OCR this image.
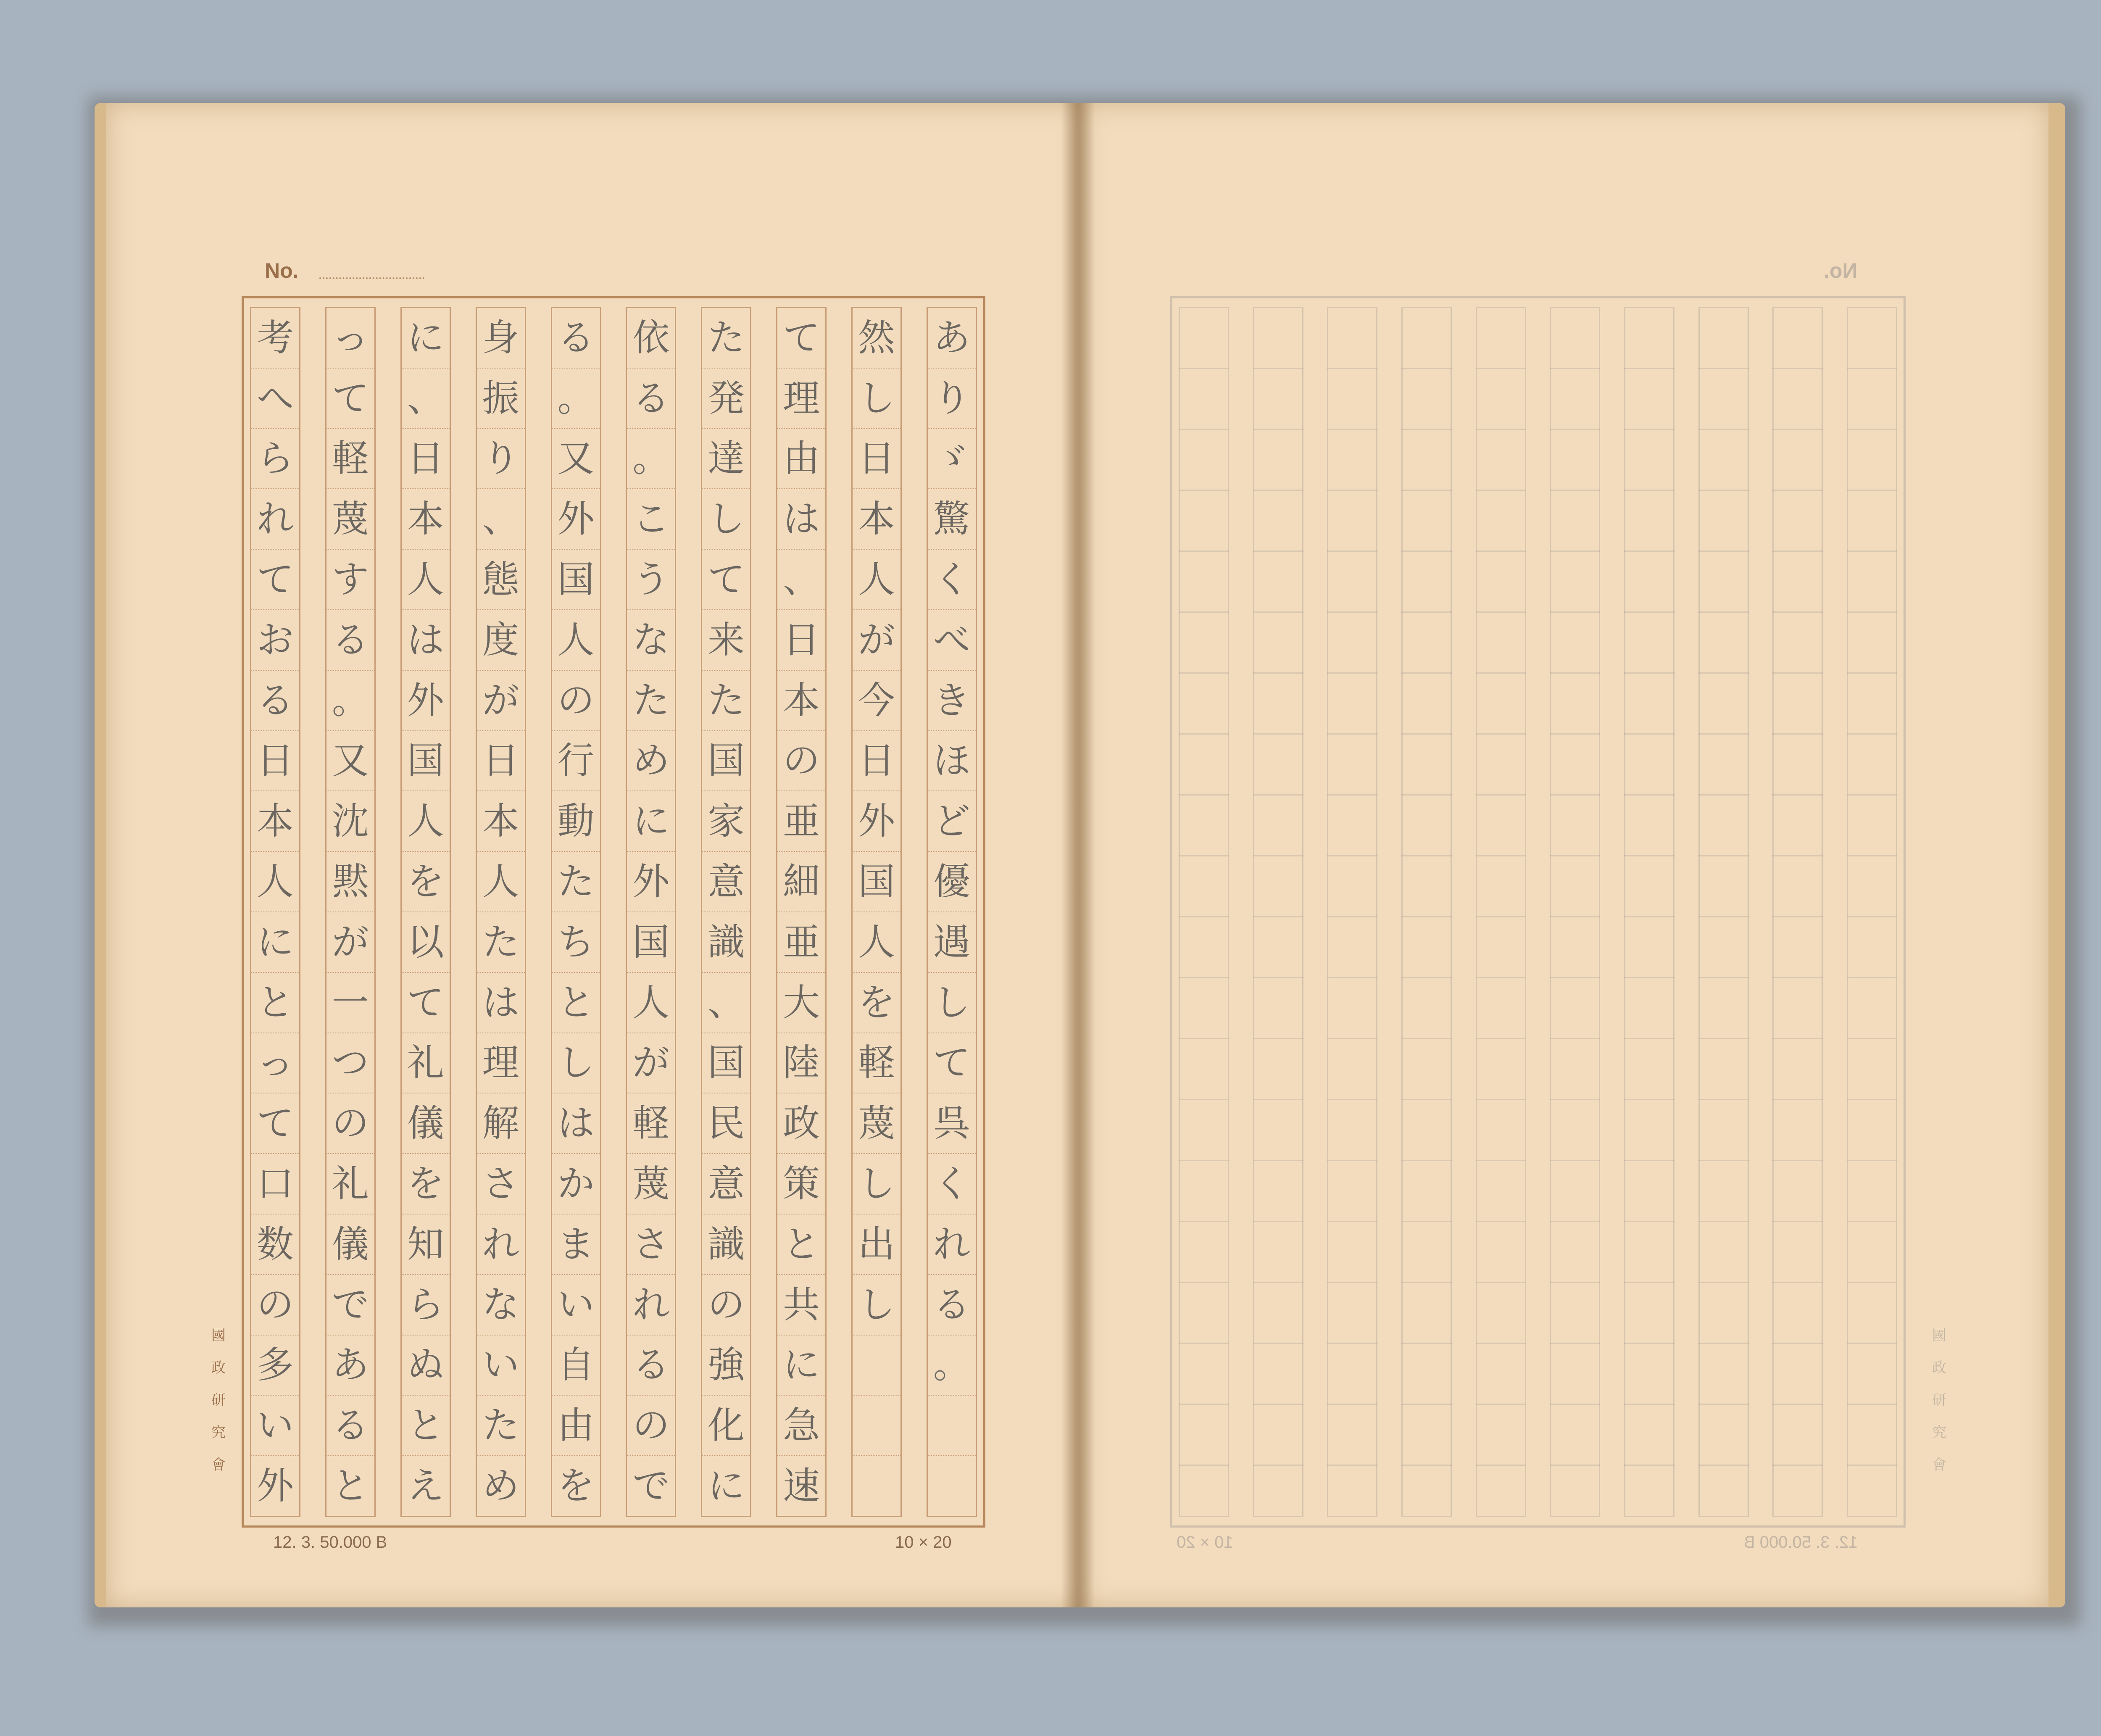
No.
あ
り
ゞ
驚
く
べ
き
ほ
ど
優
遇
し
て
呉
く
れ
る
。
然
し
日
本
人
が
今
日
外
国
人
を
軽
蔑
し
出
し
て
理
由
は
、
日
本
の
亜
細
亜
大
陸
政
策
と
共
に
急
速
た
発
達
し
て
来
た
国
家
意
識
、
国
民
意
識
の
強
化
に
依
る
。
こ
う
な
た
め
に
外
国
人
が
軽
蔑
さ
れ
る
の
で
る
。
又
外
国
人
の
行
動
た
ち
と
し
は
か
ま
い
自
由
を
身
振
り
、
態
度
が
日
本
人
た
は
理
解
さ
れ
な
い
た
め
に
、
日
本
人
は
外
国
人
を
以
て
礼
儀
を
知
ら
ぬ
と
え
っ
て
軽
蔑
す
る
。
又
沈
黙
が
一
つ
の
礼
儀
で
あ
る
と
考
へ
ら
れ
て
お
る
日
本
人
に
と
っ
て
口
数
の
多
い
外
國
政
研
究
會
12. 3. 50.000 B	10 × 20
No.
10 × 20	12. 3. 50.000 B
國
政
研
究
會
